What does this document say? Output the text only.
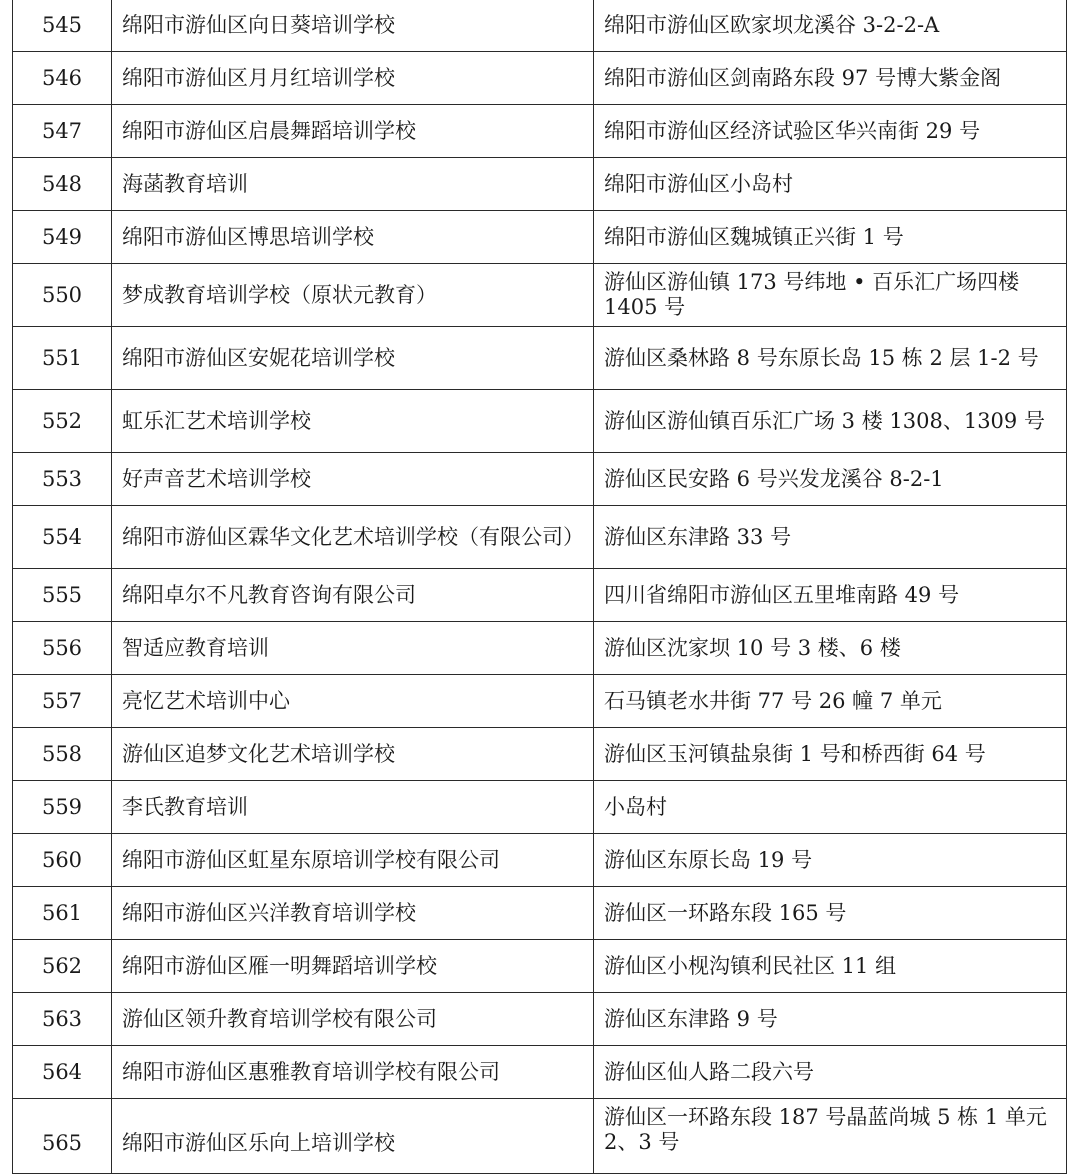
545	绵阳市游仙区向日葵培训学校	绵阳市游仙区欧家坝龙溪谷 3-2-2-A
546	绵阳市游仙区月月红培训学校	绵阳市游仙区剑南路东段 97 号博大紫金阁
547	绵阳市游仙区启晨舞蹈培训学校	绵阳市游仙区经济试验区华兴南街 29 号
548	海菡教育培训	绵阳市游仙区小岛村
549	绵阳市游仙区博思培训学校	绵阳市游仙区魏城镇正兴街 1 号
550	梦成教育培训学校（原状元教育）	游仙区游仙镇 173 号纬地 • 百乐汇广场四楼 1405 号
551	绵阳市游仙区安妮花培训学校	游仙区桑林路 8 号东原长岛 15 栋 2 层 1-2 号
552	虹乐汇艺术培训学校	游仙区游仙镇百乐汇广场 3 楼 1308、1309 号
553	好声音艺术培训学校	游仙区民安路 6 号兴发龙溪谷 8-2-1
554	绵阳市游仙区霖华文化艺术培训学校（有限公司）	游仙区东津路 33 号
555	绵阳卓尔不凡教育咨询有限公司	四川省绵阳市游仙区五里堆南路 49 号
556	智适应教育培训	游仙区沈家坝 10 号 3 楼、6 楼
557	亮忆艺术培训中心	石马镇老水井街 77 号 26 幢 7 单元
558	游仙区追梦文化艺术培训学校	游仙区玉河镇盐泉街 1 号和桥西街 64 号
559	李氏教育培训	小岛村
560	绵阳市游仙区虹星东原培训学校有限公司	游仙区东原长岛 19 号
561	绵阳市游仙区兴洋教育培训学校	游仙区一环路东段 165 号
562	绵阳市游仙区雁一明舞蹈培训学校	游仙区小枧沟镇利民社区 11 组
563	游仙区领升教育培训学校有限公司	游仙区东津路 9 号
564	绵阳市游仙区惠雅教育培训学校有限公司	游仙区仙人路二段六号
565	绵阳市游仙区乐向上培训学校	游仙区一环路东段 187 号晶蓝尚城 5 栋 1 单元 2、3 号
